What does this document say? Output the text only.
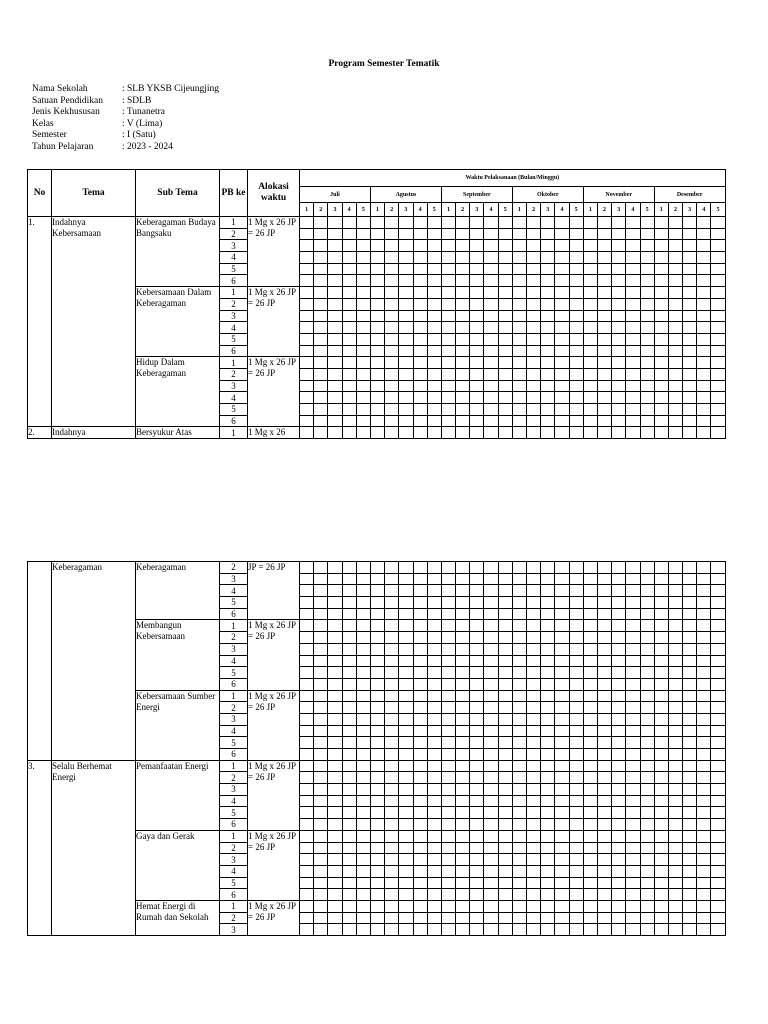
Program Semester Tematik
Nama Sekolah	: SLB YKSB Cijeungjing
Satuan Pendidikan	: SDLB
Jenis Kekhususan	: Tunanetra
Kelas	: V (Lima)
Semester	: I (Satu)
Tahun Pelajaran	: 2023 - 2024
No	Tema	Sub Tema	PB ke	Alokasi waktu	Waktu Pelaksanaan (Bulan/Minggu)																													
					Juli					Agustus					September					Oktober					November					Desember				
					1	2	3	4	5	1	2	3	4	5	1	2	3	4	5	1	2	3	4	5	1	2	3	4	5	1	2	3	4	5
1.	Indahnya Kebersamaan	Keberagaman Budaya Bangsaku	1	1 Mg x 26 JP = 26 JP																														
			2																															
			3																															
			4																															
			5																															
			6																															
		Kebersamaan Dalam Keberagaman	1	1 Mg x 26 JP = 26 JP																														
			2																															
			3																															
			4																															
			5																															
			6																															
		Hidup Dalam Keberagaman	1	1 Mg x 26 JP = 26 JP																														
			2																															
			3																															
			4																															
			5																															
			6																															
2.	Indahnya	Bersyukur Atas	1	1 Mg x 26																														
	Keberagaman	Keberagaman	2	JP = 26 JP																														
			3																															
			4																															
			5																															
			6																															
		Membangun Kebersamaan	1	1 Mg x 26 JP = 26 JP																														
			2																															
			3																															
			4																															
			5																															
			6																															
		Kebersamaan Sumber Energi	1	1 Mg x 26 JP = 26 JP																														
			2																															
			3																															
			4																															
			5																															
			6																															
3.	Selalu Berhemat Energi	Pemanfaatan Energi	1	1 Mg x 26 JP = 26 JP																														
			2																															
			3																															
			4																															
			5																															
			6																															
		Gaya dan Gerak	1	1 Mg x 26 JP = 26 JP																														
			2																															
			3																															
			4																															
			5																															
			6																															
		Hemat Energi di Rumah dan Sekolah	1	1 Mg x 26 JP = 26 JP																														
			2																															
			3																															
